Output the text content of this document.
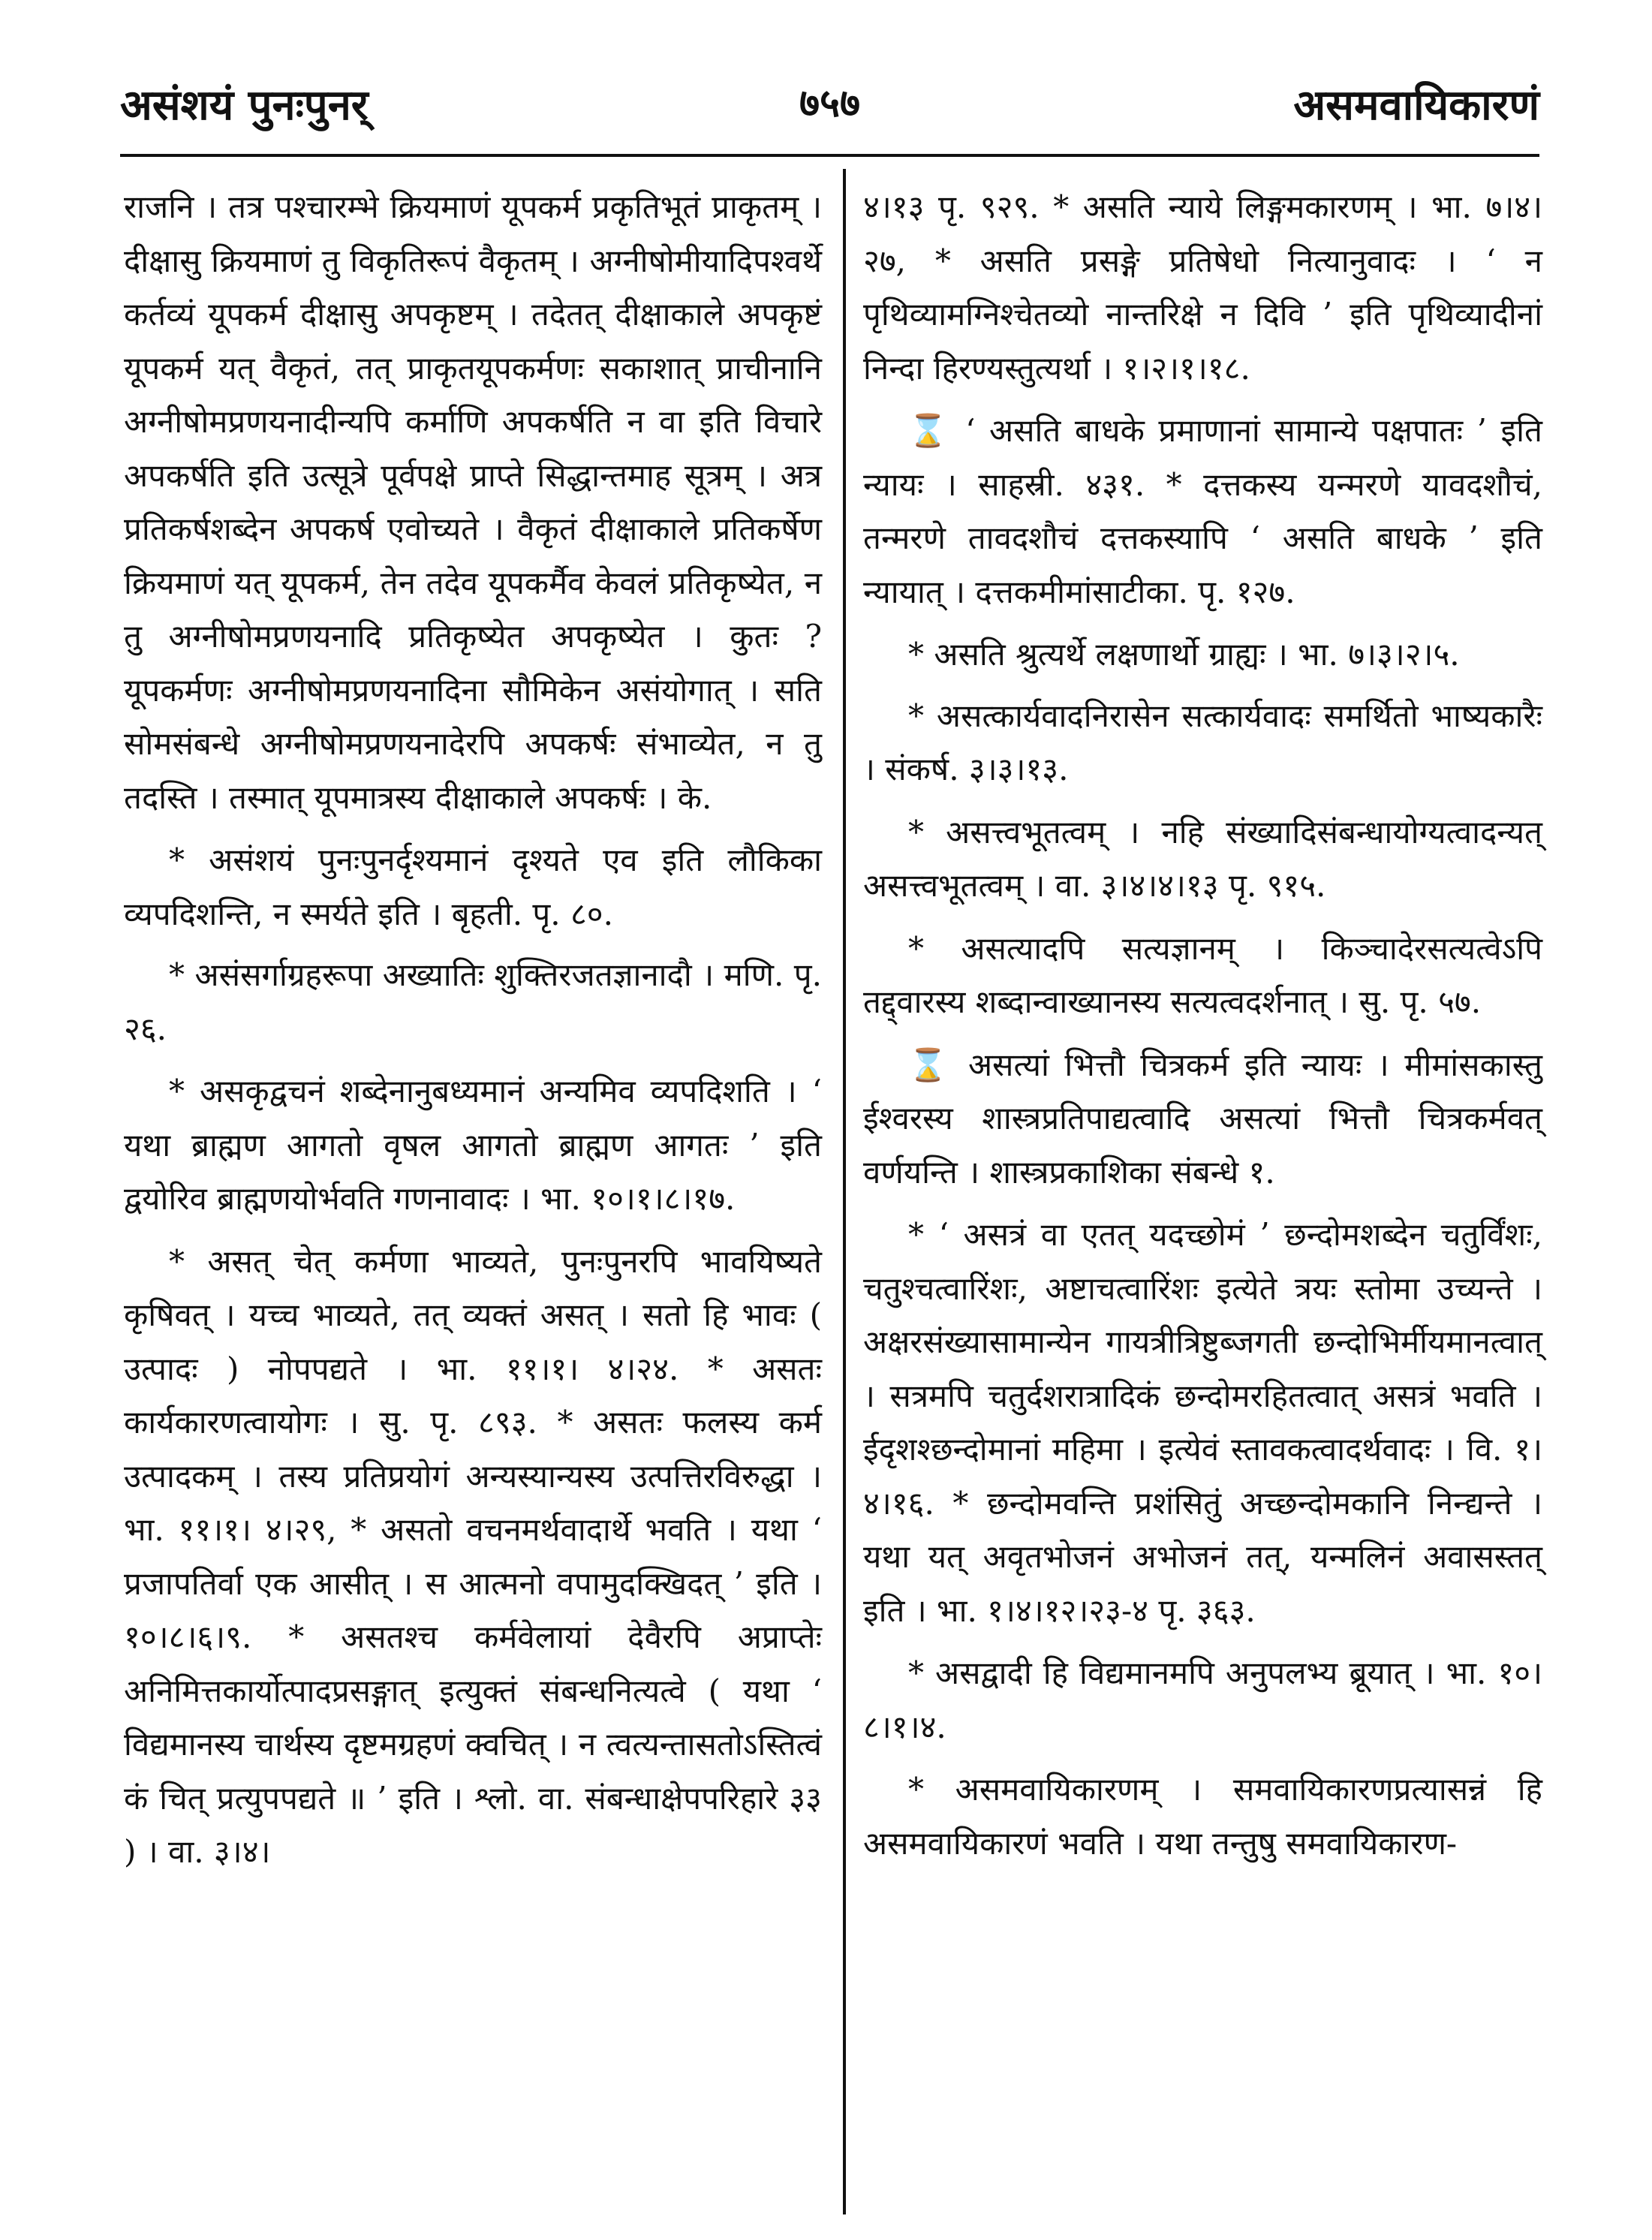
असंशयं पुनःपुनर्	७५७	असमवायिकारणं

राजनि । तत्र पश्चारम्भे क्रियमाणं यूपकर्म प्रकृतिभूतं प्राकृतम् । दीक्षासु क्रियमाणं तु विकृतिरूपं वैकृतम् । अग्नीषोमीयादिपश्वर्थे कर्तव्यं यूपकर्म दीक्षासु अपकृष्टम् । तदेतत् दीक्षाकाले अपकृष्टं यूपकर्म यत् वैकृतं, तत् प्राकृतयूपकर्मणः सकाशात् प्राचीनानि अग्नीषोमप्रणयनादीन्यपि कर्माणि अपकर्षति न वा इति विचारे अपकर्षति इति उत्सूत्रे पूर्वपक्षे प्राप्ते सिद्धान्तमाह सूत्रम् । अत्र प्रतिकर्षशब्देन अपकर्ष एवोच्यते । वैकृतं दीक्षाकाले प्रतिकर्षेण क्रियमाणं यत् यूपकर्म, तेन तदेव यूपकर्मैव केवलं प्रतिकृष्येत, न तु अग्नीषोमप्रणयनादि प्रतिकृष्येत अपकृष्येत । कुतः ? यूपकर्मणः अग्नीषोमप्रणयनादिना सौमिकेन असंयोगात् । सति सोमसंबन्धे अग्नीषोमप्रणयनादेरपि अपकर्षः संभाव्येत, न तु तदस्ति । तस्मात् यूपमात्रस्य दीक्षाकाले अपकर्षः । के.

* असंशयं पुनःपुनर्दृश्यमानं दृश्यते एव इति लौकिका व्यपदिशन्ति, न स्मर्यते इति । बृहती. पृ. ८०.

* असंसर्गाग्रहरूपा अख्यातिः शुक्तिरजतज्ञानादौ । मणि. पृ. २६.

* असकृद्वचनं शब्देनानुबध्यमानं अन्यमिव व्यपदिशति । ‘ यथा ब्राह्मण आगतो वृषल आगतो ब्राह्मण आगतः ’ इति द्वयोरिव ब्राह्मणयोर्भवति गणनावादः । भा. १०।१।८।१७.

* असत् चेत् कर्मणा भाव्यते, पुनःपुनरपि भावयिष्यते कृषिवत् । यच्च भाव्यते, तत् व्यक्तं असत् । सतो हि भावः ( उत्पादः ) नोपपद्यते । भा. ११।१। ४।२४. * असतः कार्यकारणत्वायोगः । सु. पृ. ८९३. * असतः फलस्य कर्म उत्पादकम् । तस्य प्रतिप्रयोगं अन्यस्यान्यस्य उत्पत्तिरविरुद्धा । भा. ११।१। ४।२९, * असतो वचनमर्थवादार्थे भवति । यथा ‘ प्रजापतिर्वा एक आसीत् । स आत्मनो वपामुदक्खिदत् ’ इति । १०।८।६।९. * असतश्च कर्मवेलायां देवैरपि अप्राप्तेः अनिमित्तकार्योत्पादप्रसङ्गात् इत्युक्तं संबन्धनित्यत्वे ( यथा ‘ विद्यमानस्य चार्थस्य दृष्टमग्रहणं क्वचित् । न त्वत्यन्तासतोऽस्तित्वं कं चित् प्रत्युपपद्यते ॥ ’ इति । श्लो. वा. संबन्धाक्षेपपरिहारे ३३ ) । वा. ३।४।

४।१३ पृ. ९२९. * असति न्याये लिङ्गमकारणम् । भा. ७।४।२७, * असति प्रसङ्गे प्रतिषेधो नित्यानुवादः । ‘ न पृथिव्यामग्निश्चेतव्यो नान्तरिक्षे न दिवि ’ इति पृथिव्यादीनां निन्दा हिरण्यस्तुत्यर्था । १।२।१।१८.

⌛ ‘ असति बाधके प्रमाणानां सामान्ये पक्षपातः ’ इति न्यायः । साहस्री. ४३१. * दत्तकस्य यन्मरणे यावदशौचं, तन्मरणे तावदशौचं दत्तकस्यापि ‘ असति बाधके ’ इति न्यायात् । दत्तकमीमांसाटीका. पृ. १२७.

* असति श्रुत्यर्थे लक्षणार्थो ग्राह्यः । भा. ७।३।२।५.

* असत्कार्यवादनिरासेन सत्कार्यवादः समर्थितो भाष्यकारैः । संकर्ष. ३।३।१३.

* असत्त्वभूतत्वम् । नहि संख्यादिसंबन्धायोग्यत्वादन्यत् असत्त्वभूतत्वम् । वा. ३।४।४।१३ पृ. ९१५.

* असत्यादपि सत्यज्ञानम् । किञ्चादेरसत्यत्वेऽपि तद्द्वारस्य शब्दान्वाख्यानस्य सत्यत्वदर्शनात् । सु. पृ. ५७.

⌛ असत्यां भित्तौ चित्रकर्म इति न्यायः । मीमांसकास्तु ईश्वरस्य शास्त्रप्रतिपाद्यत्वादि असत्यां भित्तौ चित्रकर्मवत् वर्णयन्ति । शास्त्रप्रकाशिका संबन्धे १.

* ‘ असत्रं वा एतत् यदच्छोमं ’ छन्दोमशब्देन चतुर्विंशः, चतुश्चत्वारिंशः, अष्टाचत्वारिंशः इत्येते त्रयः स्तोमा उच्यन्ते । अक्षरसंख्यासामान्येन गायत्रीत्रिष्टुब्जगती छन्दोभिर्मीयमानत्वात् । सत्रमपि चतुर्दशरात्रादिकं छन्दोमरहितत्वात् असत्रं भवति । ईदृशश्छन्दोमानां महिमा । इत्येवं स्तावकत्वादर्थवादः । वि. १।४।१६. * छन्दोमवन्ति प्रशंसितुं अच्छन्दोमकानि निन्द्यन्ते । यथा यत् अवृतभोजनं अभोजनं तत्, यन्मलिनं अवासस्तत् इति । भा. १।४।१२।२३-४ पृ. ३६३.

* असद्वादी हि विद्यमानमपि अनुपलभ्य ब्रूयात् । भा. १०।८।१।४.

* असमवायिकारणम् । समवायिकारणप्रत्यासन्नं हि असमवायिकारणं भवति । यथा तन्तुषु समवायिकारण-
